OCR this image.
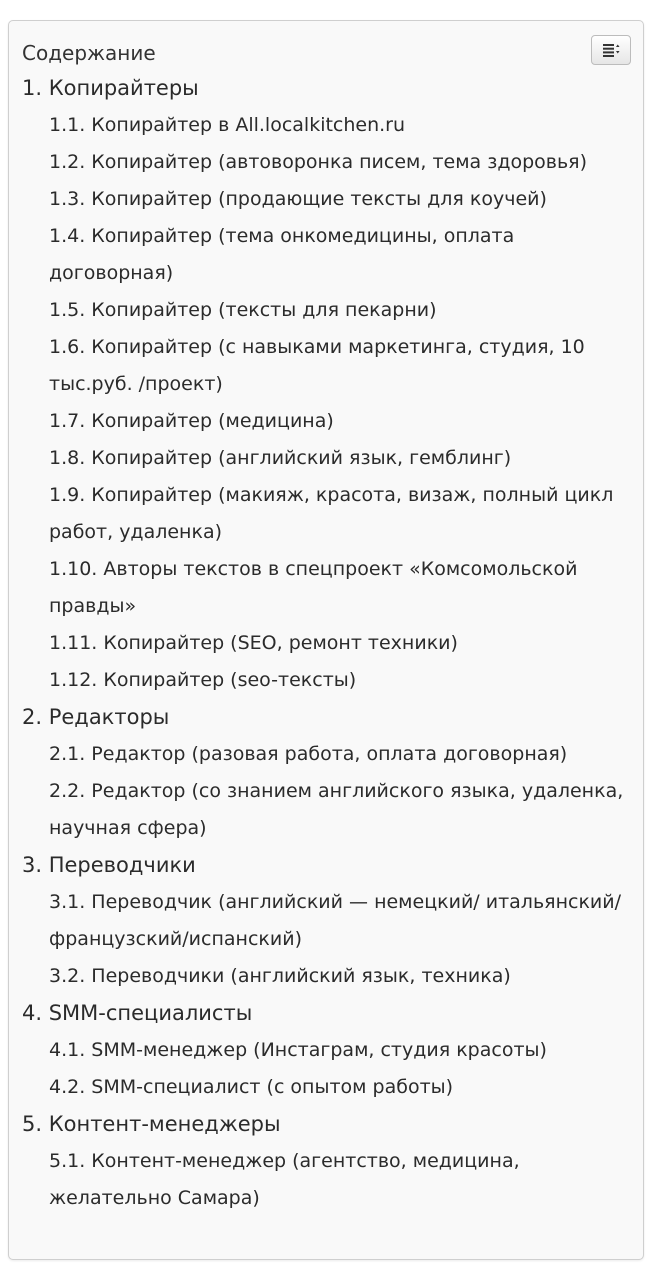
Содержание
1. Копирайтеры
1.1. Копирайтер в All.localkitchen.ru
1.2. Копирайтер (автоворонка писем, тема здоровья)
1.3. Копирайтер (продающие тексты для коучей)
1.4. Копирайтер (тема онкомедицины, оплата договорная)
1.5. Копирайтер (тексты для пекарни)
1.6. Копирайтер (с навыками маркетинга, студия, 10 тыс.руб. /проект)
1.7. Копирайтер (медицина)
1.8. Копирайтер (английский язык, гемблинг)
1.9. Копирайтер (макияж, красота, визаж, полный цикл работ, удаленка)
1.10. Авторы текстов в спецпроект «Комсомольской правды»
1.11. Копирайтер (SEO, ремонт техники)
1.12. Копирайтер (seo-тексты)
2. Редакторы
2.1. Редактор (разовая работа, оплата договорная)
2.2. Редактор (со знанием английского языка, удаленка, научная сфера)
3. Переводчики
3.1. Переводчик (английский — немецкий/ итальянский/французский/испанский)
3.2. Переводчики (английский язык, техника)
4. SMM-специалисты
4.1. SMM-менеджер (Инстаграм, студия красоты)
4.2. SMM-специалист (с опытом работы)
5. Контент-менеджеры
5.1. Контент-менеджер (агентство, медицина, желательно Самара)
